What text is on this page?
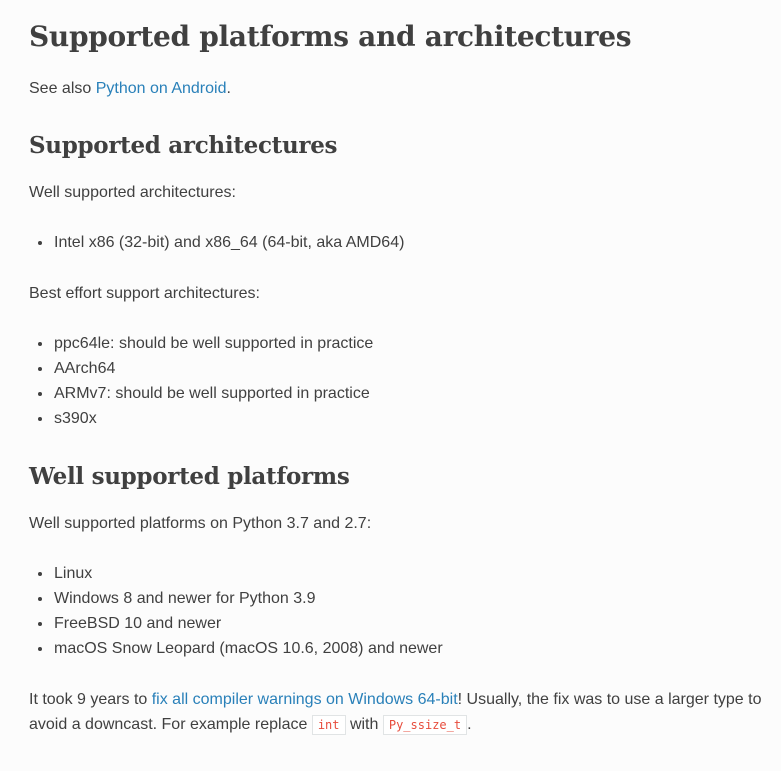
Supported platforms and architectures

See also Python on Android.

Supported architectures

Well supported architectures:

Intel x86 (32-bit) and x86_64 (64-bit, aka AMD64)

Best effort support architectures:

ppc64le: should be well supported in practice
AArch64
ARMv7: should be well supported in practice
s390x
Well supported platforms

Well supported platforms on Python 3.7 and 2.7:

Linux
Windows 8 and newer for Python 3.9
FreeBSD 10 and newer
macOS Snow Leopard (macOS 10.6, 2008) and newer

It took 9 years to fix all compiler warnings on Windows 64-bit! Usually, the fix was to use a larger type to avoid a downcast. For example replace int with Py_ssize_t .
